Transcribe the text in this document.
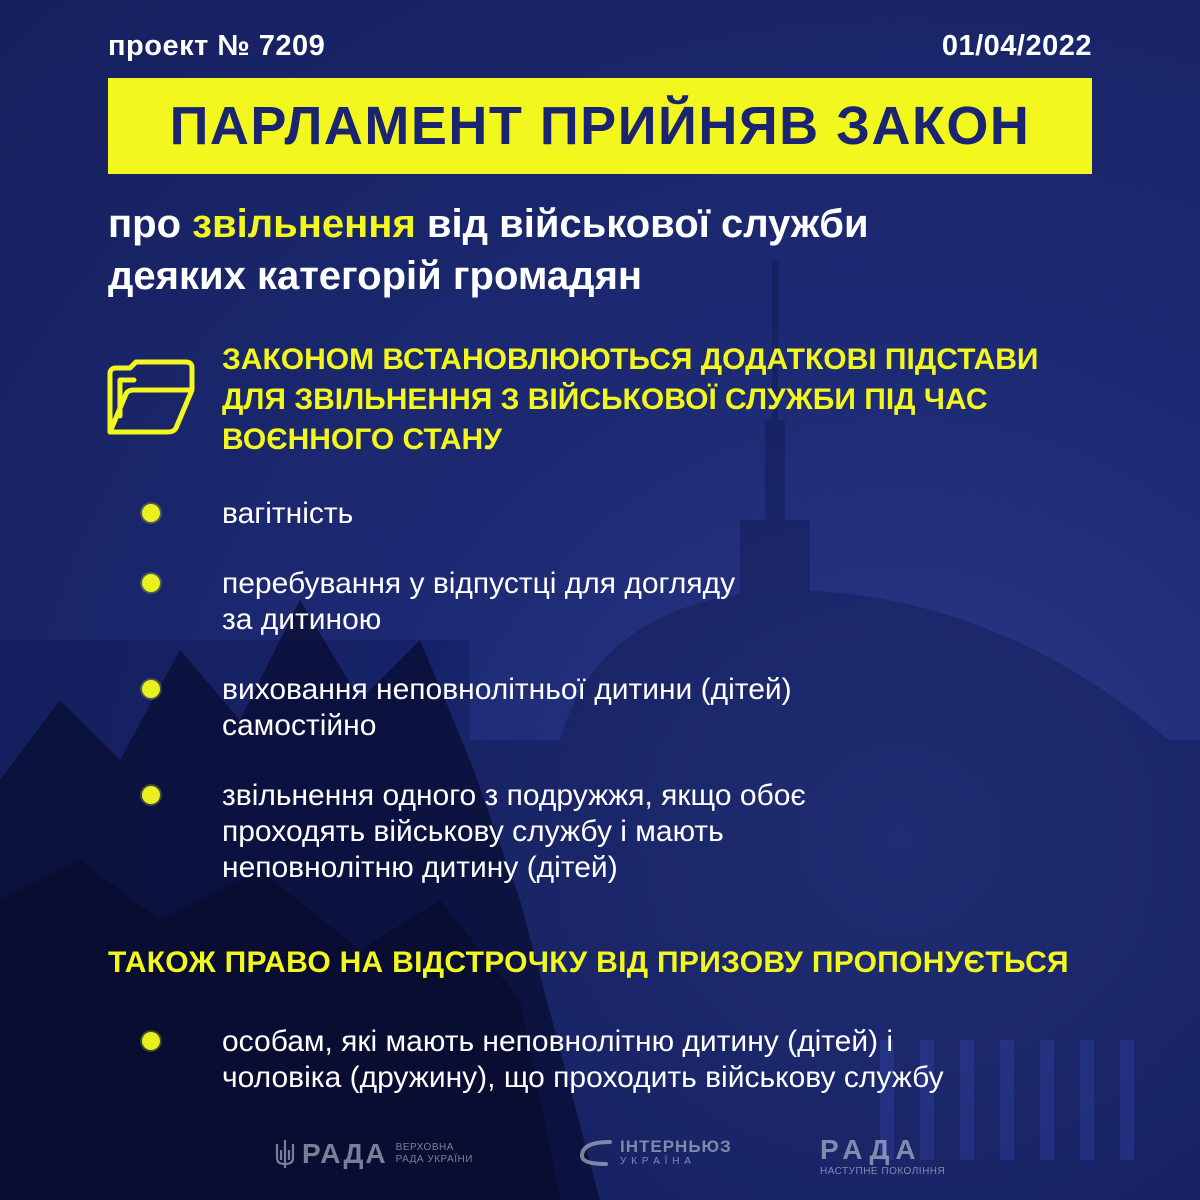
проект № 7209	01/04/2022
ПАРЛАМЕНТ ПРИЙНЯВ ЗАКОН
про звільнення від військової служби
деяких категорій громадян
ЗАКОНОМ ВСТАНОВЛЮЮТЬСЯ ДОДАТКОВІ ПІДСТАВИ
ДЛЯ ЗВІЛЬНЕННЯ З ВІЙСЬКОВОЇ СЛУЖБИ ПІД ЧАС
ВОЄННОГО СТАНУ
вагітність
перебування у відпустці для догляду
за дитиною
виховання неповнолітньої дитини (дітей)
самостійно
звільнення одного з подружжя, якщо обоє
проходять військову службу і мають
неповнолітню дитину (дітей)
ТАКОЖ ПРАВО НА ВІДСТРОЧКУ ВІД ПРИЗОВУ ПРОПОНУЄТЬСЯ
особам, які мають неповнолітню дитину (дітей) і
чоловіка (дружину), що проходить військову службу
РАДА ВЕРХОВНА
РАДА УКРАЇНИ
ІНТЕРНЬЮЗ
У К Р А Ї Н А	РАДА
НАСТУПНЕ ПОКОЛІННЯ
